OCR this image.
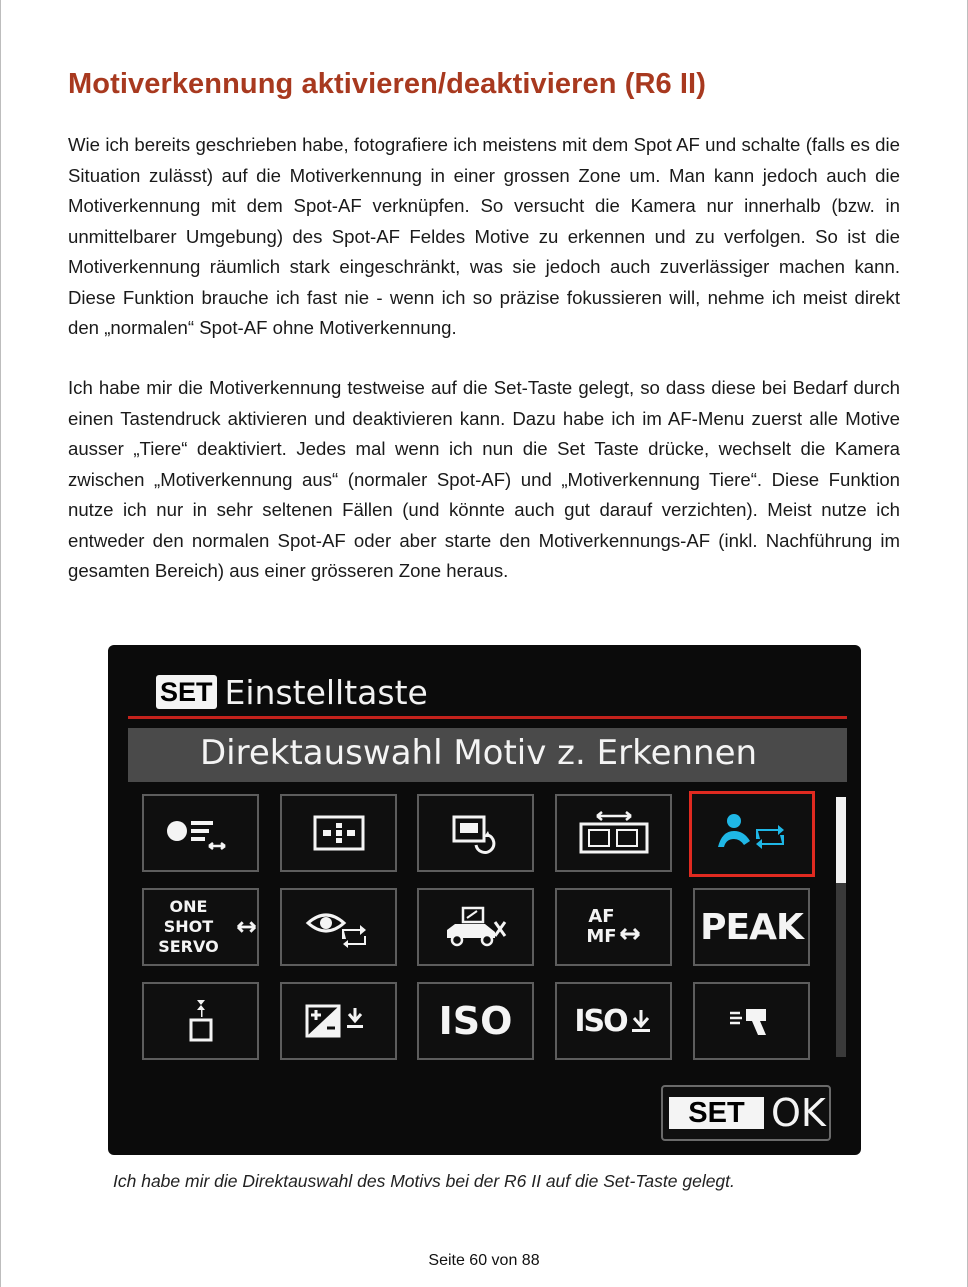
Motiverkennung aktivieren/deaktivieren (R6 II)

Wie ich bereits geschrieben habe, fotografiere ich meistens mit dem Spot AF und schalte (falls es die Situation zulässt) auf die Motiverkennung in einer grossen Zone um. Man kann jedoch auch die Motiverkennung mit dem Spot-AF verknüpfen. So versucht die Kamera nur innerhalb (bzw. in unmittelbarer Umgebung) des Spot-AF Feldes Motive zu erkennen und zu verfolgen. So ist die Motiverkennung räumlich stark eingeschränkt, was sie jedoch auch zuverlässiger machen kann. Diese Funktion brauche ich fast nie - wenn ich so präzise fokussieren will, nehme ich meist direkt den „normalen“ Spot-AF ohne Motiverkennung.

Ich habe mir die Motiverkennung testweise auf die Set-Taste gelegt, so dass diese bei Bedarf durch einen Tastendruck aktivieren und deaktivieren kann. Dazu habe ich im AF-Menu zuerst alle Motive ausser „Tiere“ deaktiviert. Jedes mal wenn ich nun die Set Taste drücke, wechselt die Kamera zwischen „Motiverkennung aus“ (normaler Spot-AF) und „Motiverkennung Tiere“. Diese Funktion nutze ich nur in sehr seltenen Fällen (und könnte auch gut darauf verzichten). Meist nutze ich entweder den normalen Spot-AF oder aber starte den Motiverkennungs-AF (inkl. Nachführung im gesamten Bereich) aus einer grösseren Zone heraus.

SET Einstelltaste
Direktauswahl Motiv z. Erkennen
ONE SHOT
SERVO
AF
MF PEAK
ISO ISO
SET OK
Ich habe mir die Direktauswahl des Motivs bei der R6 II auf die Set-Taste gelegt.
Seite 60 von 88
